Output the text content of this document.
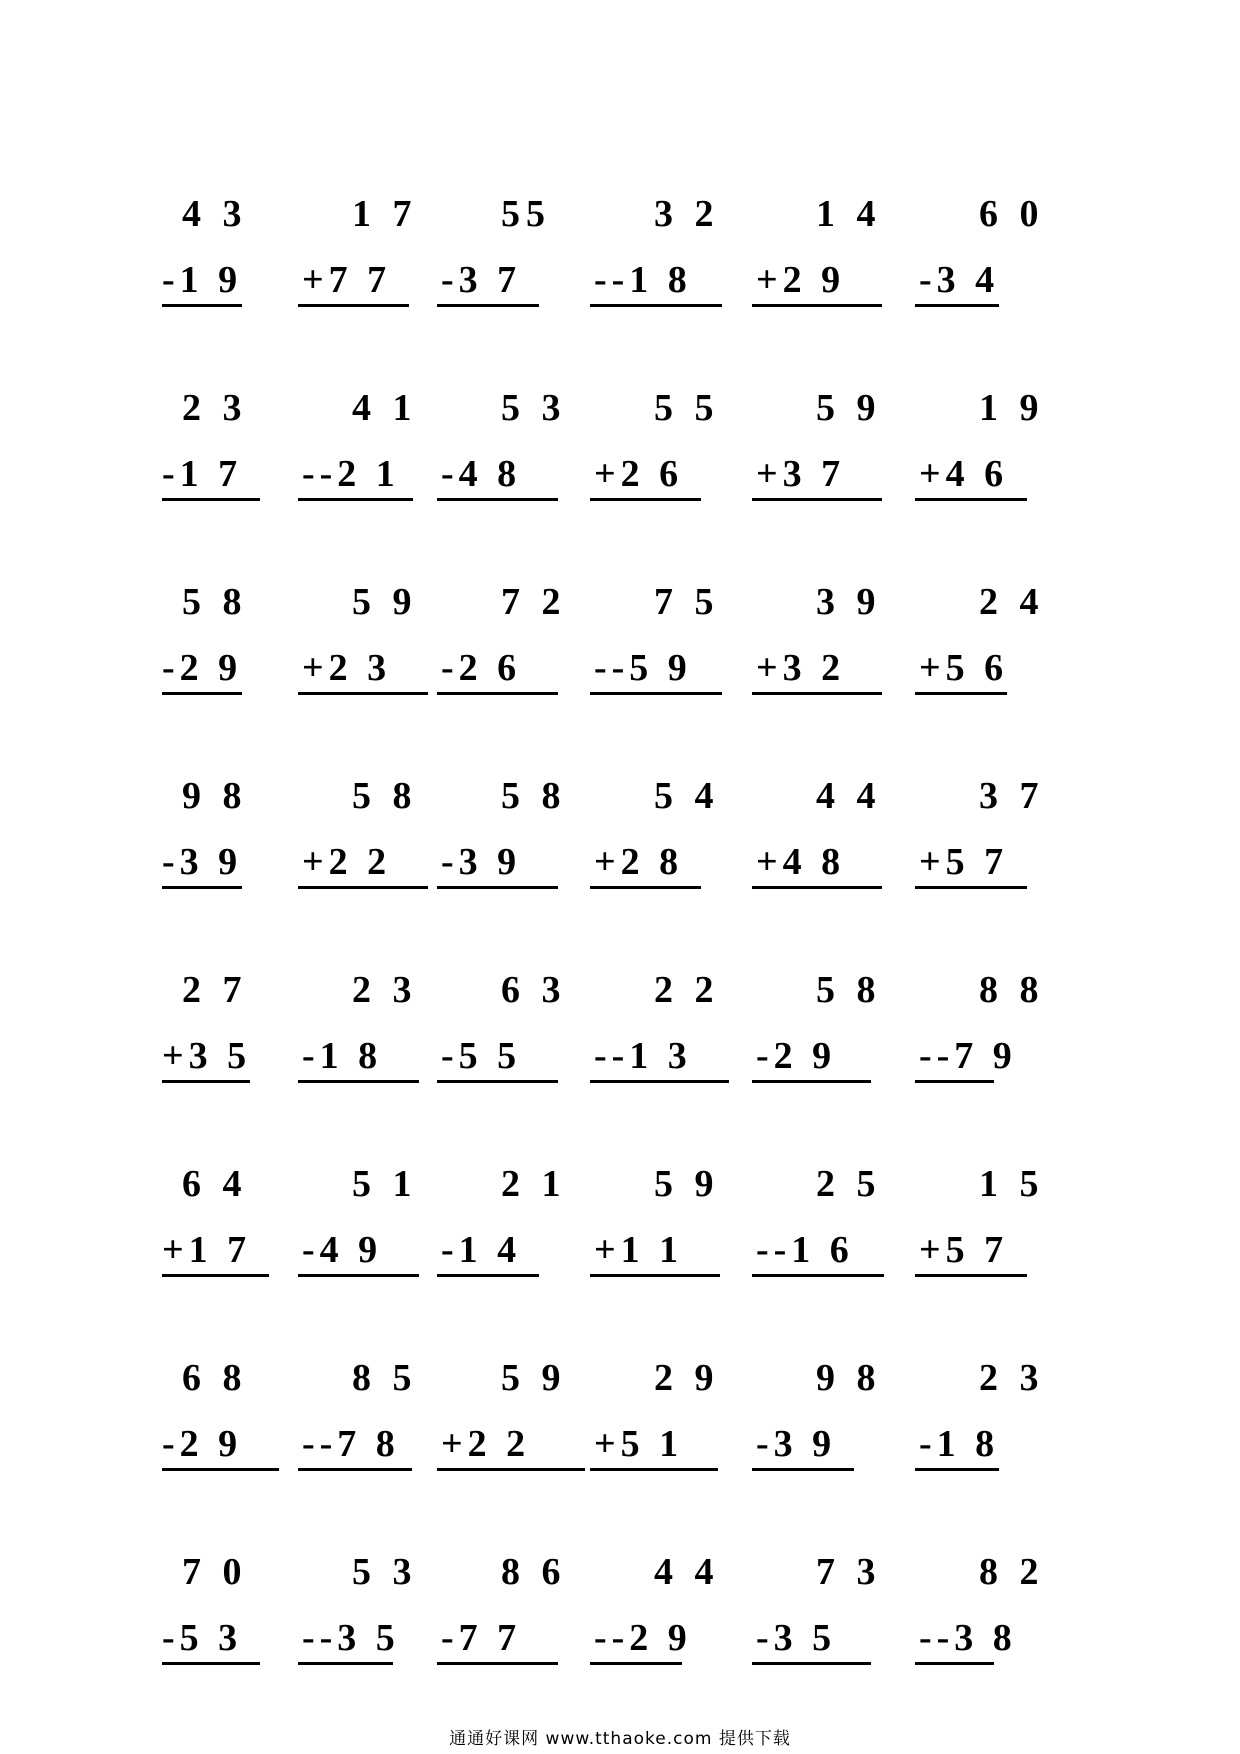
4 3
-1 9
1 7
+7 7
55
-3 7
3 2
--1 8
1 4
+2 9
6 0
-3 4
2 3
-1 7
4 1
--2 1
5 3
-4 8
5 5
+2 6
5 9
+3 7
1 9
+4 6
5 8
-2 9
5 9
+2 3
7 2
-2 6
7 5
--5 9
3 9
+3 2
2 4
+5 6
9 8
-3 9
5 8
+2 2
5 8
-3 9
5 4
+2 8
4 4
+4 8
3 7
+5 7
2 7
+3 5
2 3
-1 8
6 3
-5 5
2 2
--1 3
5 8
-2 9
8 8
--7 9
6 4
+1 7
5 1
-4 9
2 1
-1 4
5 9
+1 1
2 5
--1 6
1 5
+5 7
6 8
-2 9
8 5
--7 8
5 9
+2 2
2 9
+5 1
9 8
-3 9
2 3
-1 8
7 0
-5 3
5 3
--3 5
8 6
-7 7
4 4
--2 9
7 3
-3 5
8 2
--3 8
通通好课网 www.tthaoke.com 提供下载
